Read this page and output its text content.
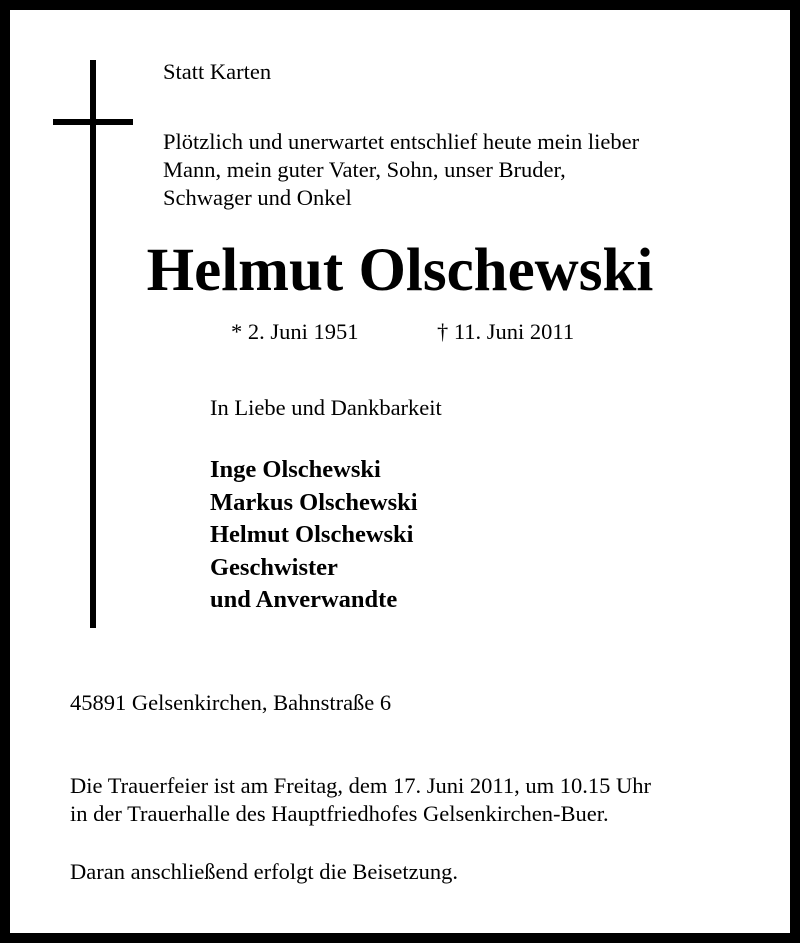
Statt Karten
Plötzlich und unerwartet entschlief heute mein lieber
Mann, mein guter Vater, Sohn, unser Bruder,
Schwager und Onkel
Helmut Olschewski
* 2. Juni 1951	† 11. Juni 2011
In Liebe und Dankbarkeit
Inge Olschewski
Markus Olschewski
Helmut Olschewski
Geschwister
und Anverwandte
45891 Gelsenkirchen, Bahnstraße 6
Die Trauerfeier ist am Freitag, dem 17. Juni 2011, um 10.15 Uhr
in der Trauerhalle des Hauptfriedhofes Gelsenkirchen-Buer.
Daran anschließend erfolgt die Beisetzung.
